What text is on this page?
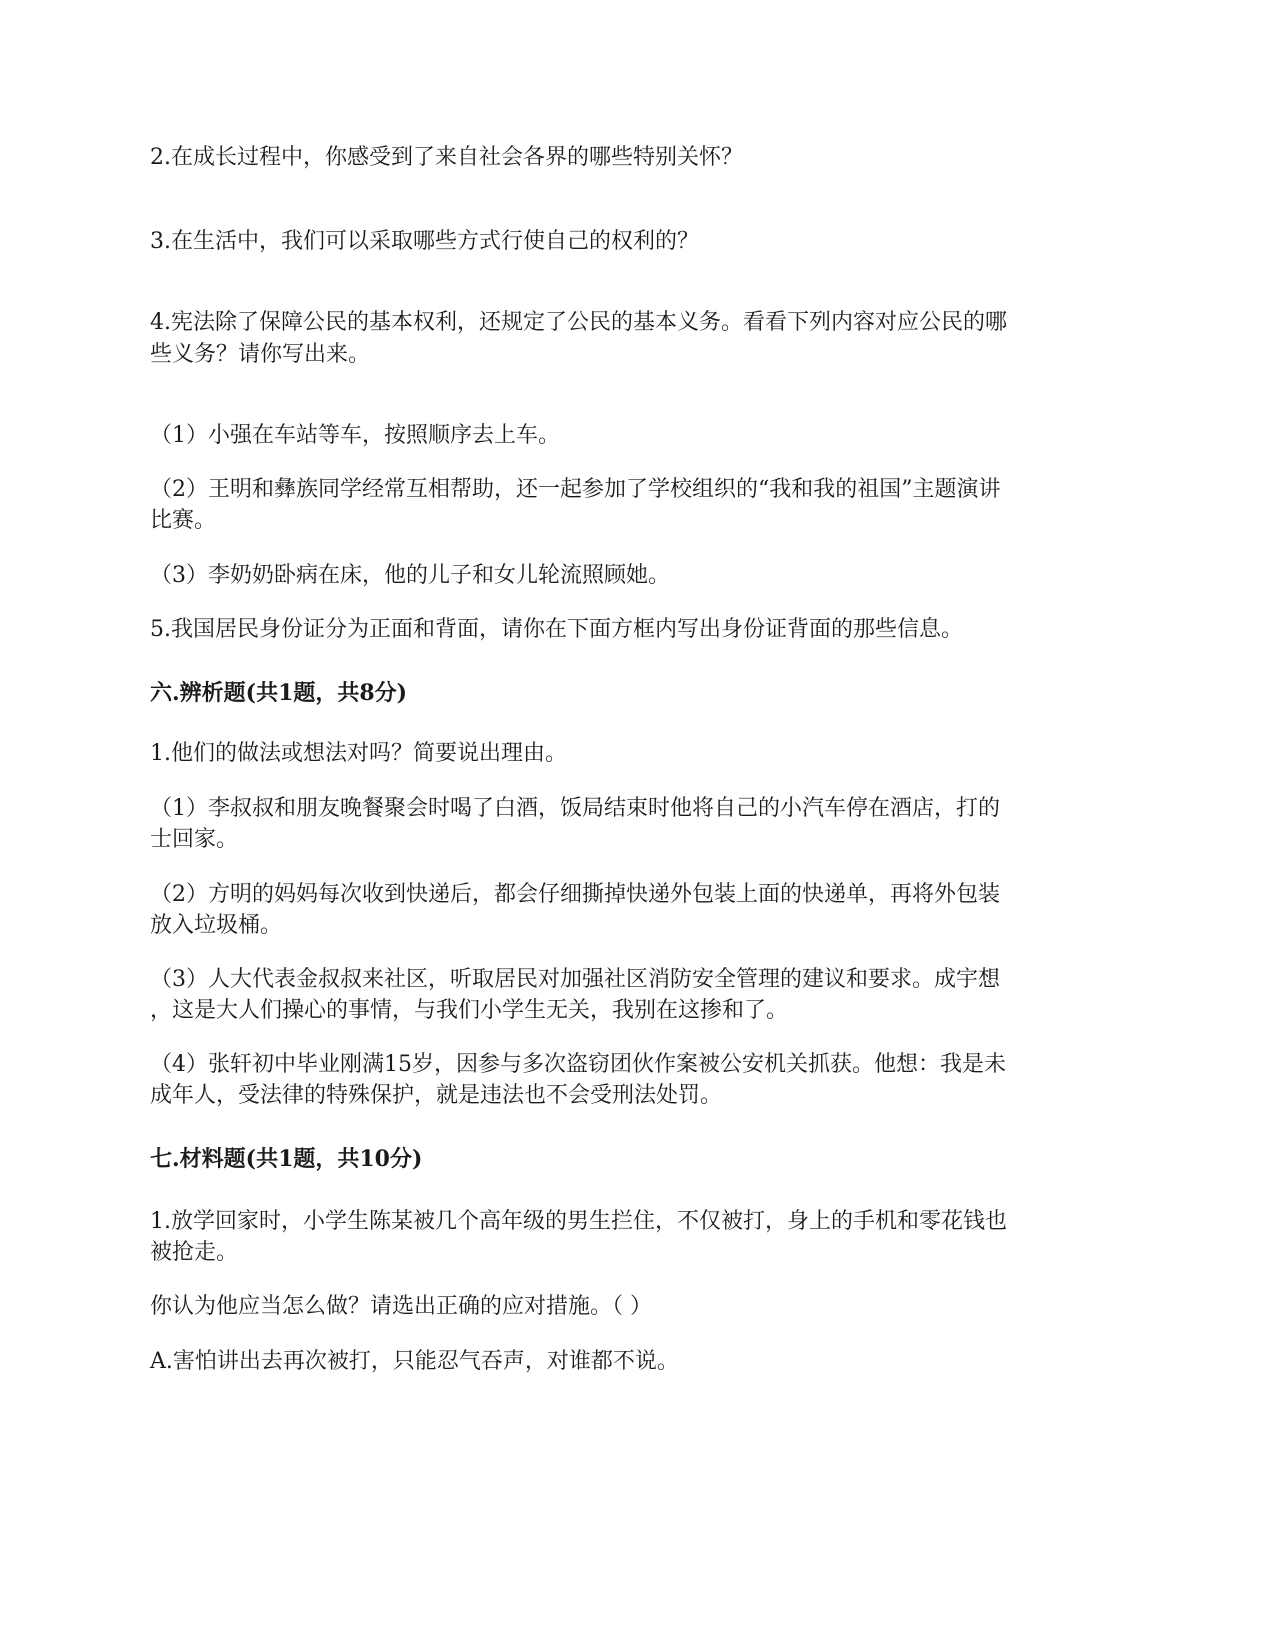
2.在成长过程中，你感受到了来自社会各界的哪些特别关怀？
3.在生活中，我们可以采取哪些方式行使自己的权利的？
4.宪法除了保障公民的基本权利，还规定了公民的基本义务。看看下列内容对应公民的哪
些义务？请你写出来。
（1）小强在车站等车，按照顺序去上车。
（2）王明和彝族同学经常互相帮助，还一起参加了学校组织的“我和我的祖国”主题演讲
比赛。
（3）李奶奶卧病在床，他的儿子和女儿轮流照顾她。
5.我国居民身份证分为正面和背面，请你在下面方框内写出身份证背面的那些信息。
六.辨析题(共1题，共8分)
1.他们的做法或想法对吗？简要说出理由。
（1）李叔叔和朋友晚餐聚会时喝了白酒，饭局结束时他将自己的小汽车停在酒店，打的
士回家。
（2）方明的妈妈每次收到快递后，都会仔细撕掉快递外包装上面的快递单，再将外包装
放入垃圾桶。
（3）人大代表金叔叔来社区，听取居民对加强社区消防安全管理的建议和要求。成宇想
，这是大人们操心的事情，与我们小学生无关，我别在这掺和了。
（4）张轩初中毕业刚满15岁，因参与多次盗窃团伙作案被公安机关抓获。他想：我是未
成年人，受法律的特殊保护，就是违法也不会受刑法处罚。
七.材料题(共1题，共10分)
1.放学回家时，小学生陈某被几个高年级的男生拦住，不仅被打，身上的手机和零花钱也
被抢走。
你认为他应当怎么做？请选出正确的应对措施。（ ）
A.害怕讲出去再次被打，只能忍气吞声，对谁都不说。
